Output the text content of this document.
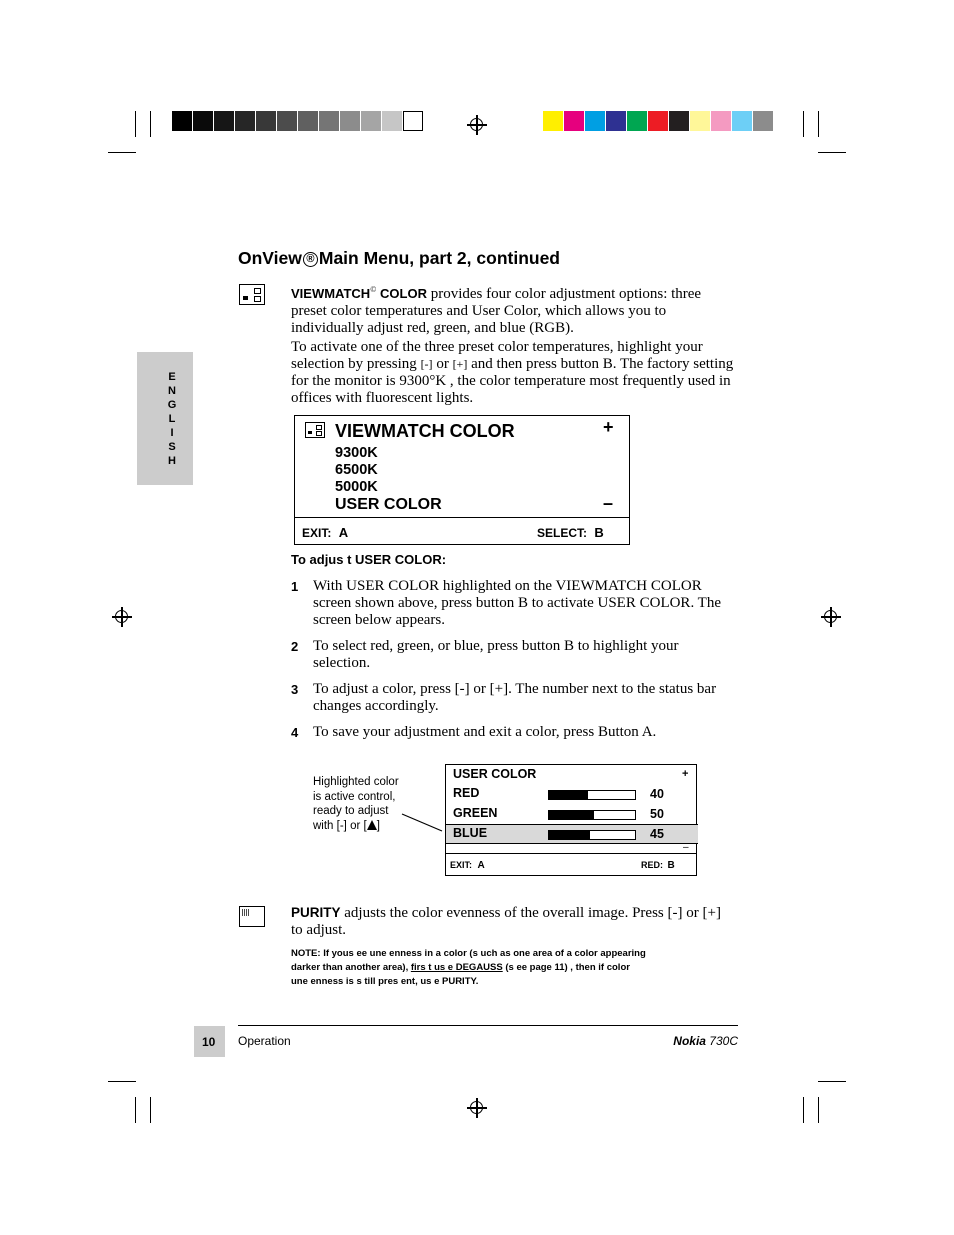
OnView ® Main Menu, part 2, continued
E
N
G
L
I
S
H
VIEWMATCH© COLOR provides four color adjustment options: three preset color temperatures and User Color, which allows you to individually adjust red, green, and blue (RGB).
To activate one of the three preset color temperatures, highlight your selection by pressing [-] or [+] and then press button B. The factory setting for the monitor is 9300°K , the color temperature most frequently used in offices with fluorescent lights.
VIEWMATCH COLOR	+
–
9300K
6500K
5000K
USER COLOR
EXIT: A	SELECT: B
To adjus t USER COLOR:
1 With USER COLOR highlighted on the VIEWMATCH COLOR screen shown above, press button B to activate USER COLOR. The screen below appears.
2 To select red, green, or blue, press button B to highlight your selection.
3 To adjust a color, press [-] or [+]. The number next to the status bar changes accordingly.
4 To save your adjustment and exit a color, press Button A.
Highlighted color
is active control,
ready to adjust
with [-] or [ ]
USER COLOR	+
RED	40
GREEN	50
BLUE	45
–
EXIT: A	RED: B
PURITY adjusts the color evenness of the overall image. Press [-] or [+] to adjust.
NOTE: If yous ee une enness in a color (s uch as one area of a color appearing
darker than another area), firs t us e DEGAUSS (s ee page 11) , then if color
une enness is s till pres ent, us e PURITY.
10 Operation	Nokia 730C
